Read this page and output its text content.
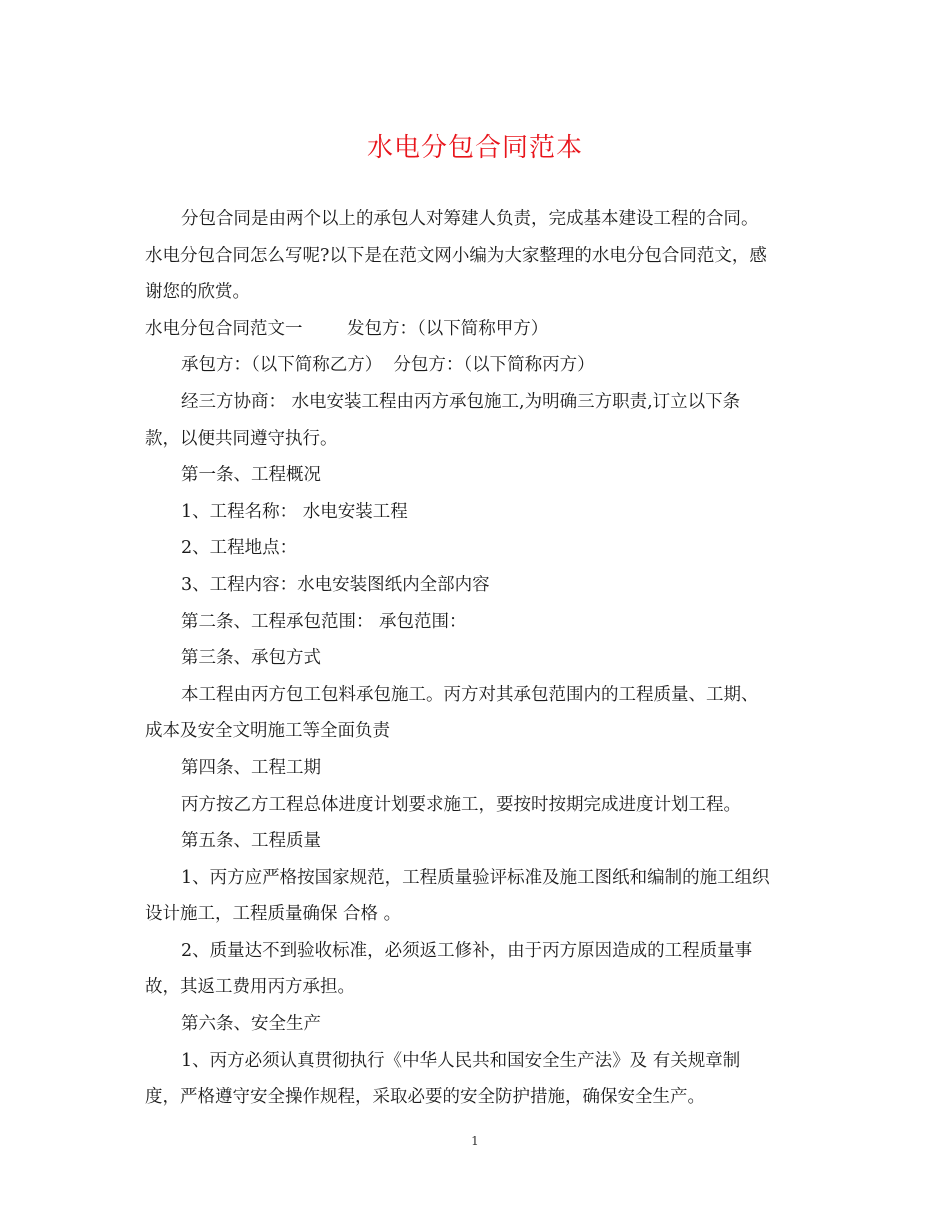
水电分包合同范本

分包合同是由两个以上的承包人对筹建人负责，完成基本建设工程的合同。

水电分包合同怎么写呢?以下是在范文网小编为大家整理的水电分包合同范文，感

谢您的欣赏。

水电分包合同范文一        发包方：（以下简称甲方）

承包方：（以下简称乙方）  分包方：（以下简称丙方）

经三方协商： 水电安装工程由丙方承包施工,为明确三方职责,订立以下条

款，以便共同遵守执行。

第一条、工程概况

1、工程名称： 水电安装工程

2、工程地点：

3、工程内容：水电安装图纸内全部内容

第二条、工程承包范围： 承包范围：

第三条、承包方式

本工程由丙方包工包料承包施工。丙方对其承包范围内的工程质量、工期、

成本及安全文明施工等全面负责

第四条、工程工期

丙方按乙方工程总体进度计划要求施工，要按时按期完成进度计划工程。

第五条、工程质量

1、丙方应严格按国家规范，工程质量验评标准及施工图纸和编制的施工组织

设计施工，工程质量确保 合格 。

2、质量达不到验收标准，必须返工修补，由于丙方原因造成的工程质量事

故，其返工费用丙方承担。

第六条、安全生产

1、丙方必须认真贯彻执行《中华人民共和国安全生产法》及 有关规章制

度，严格遵守安全操作规程，采取必要的安全防护措施，确保安全生产。

1
